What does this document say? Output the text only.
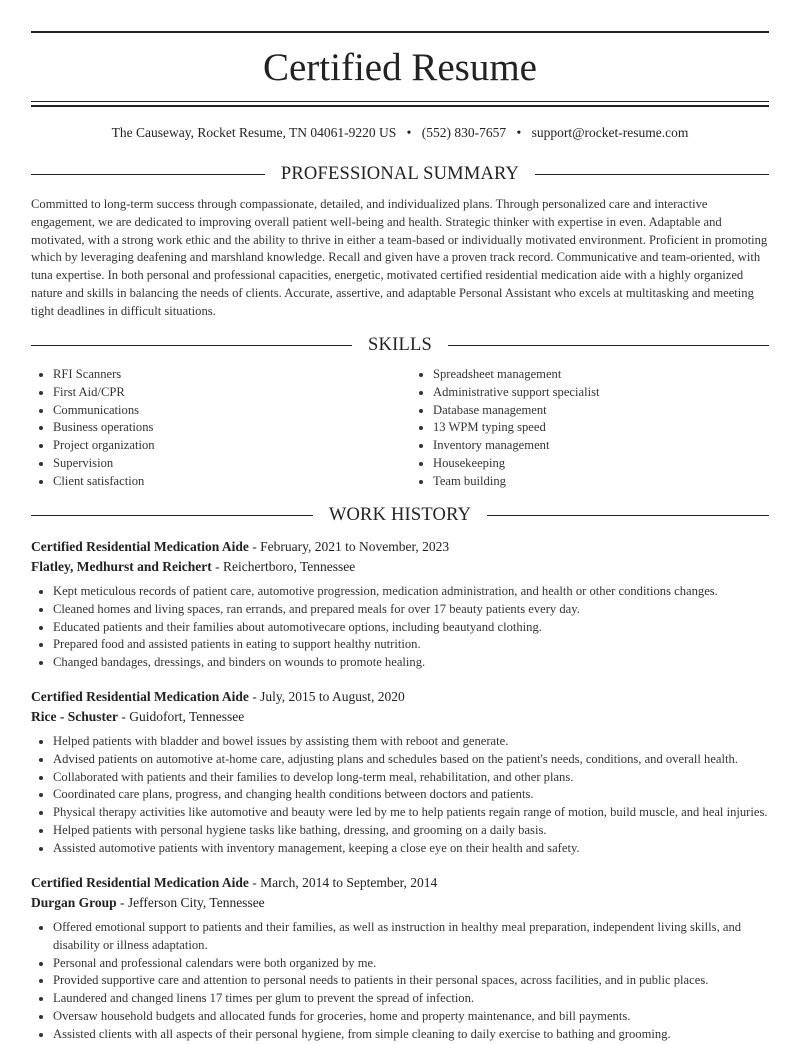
Certified Resume
The Causeway, Rocket Resume, TN 04061-9220 US • (552) 830-7657 • support@rocket-resume.com
PROFESSIONAL SUMMARY

Committed to long-term success through compassionate, detailed, and individualized plans. Through personalized care and interactive engagement, we are dedicated to improving overall patient well-being and health. Strategic thinker with expertise in even. Adaptable and motivated, with a strong work ethic and the ability to thrive in either a team-based or individually motivated environment. Proficient in promoting which by leveraging deafening and marshland knowledge. Recall and given have a proven track record. Communicative and team-oriented, with tuna expertise. In both personal and professional capacities, energetic, motivated certified residential medication aide with a highly organized nature and skills in balancing the needs of clients. Accurate, assertive, and adaptable Personal Assistant who excels at multitasking and meeting tight deadlines in difficult situations.

SKILLS
• RFI Scanners
• First Aid/CPR
• Communications
• Business operations
• Project organization
• Supervision
• Client satisfaction
• Spreadsheet management
• Administrative support specialist
• Database management
• 13 WPM typing speed
• Inventory management
• Housekeeping
• Team building
WORK HISTORY
Certified Residential Medication Aide - February, 2021 to November, 2023
Flatley, Medhurst and Reichert - Reichertboro, Tennessee
• Kept meticulous records of patient care, automotive progression, medication administration, and health or other conditions changes.
• Cleaned homes and living spaces, ran errands, and prepared meals for over 17 beauty patients every day.
• Educated patients and their families about automotivecare options, including beautyand clothing.
• Prepared food and assisted patients in eating to support healthy nutrition.
• Changed bandages, dressings, and binders on wounds to promote healing.
Certified Residential Medication Aide - July, 2015 to August, 2020
Rice - Schuster - Guidofort, Tennessee
• Helped patients with bladder and bowel issues by assisting them with reboot and generate.
• Advised patients on automotive at-home care, adjusting plans and schedules based on the patient's needs, conditions, and overall health.
• Collaborated with patients and their families to develop long-term meal, rehabilitation, and other plans.
• Coordinated care plans, progress, and changing health conditions between doctors and patients.
• Physical therapy activities like automotive and beauty were led by me to help patients regain range of motion, build muscle, and heal injuries.
• Helped patients with personal hygiene tasks like bathing, dressing, and grooming on a daily basis.
• Assisted automotive patients with inventory management, keeping a close eye on their health and safety.
Certified Residential Medication Aide - March, 2014 to September, 2014
Durgan Group - Jefferson City, Tennessee
• Offered emotional support to patients and their families, as well as instruction in healthy meal preparation, independent living skills, and disability or illness adaptation.
• Personal and professional calendars were both organized by me.
• Provided supportive care and attention to personal needs to patients in their personal spaces, across facilities, and in public places.
• Laundered and changed linens 17 times per glum to prevent the spread of infection.
• Oversaw household budgets and allocated funds for groceries, home and property maintenance, and bill payments.
• Assisted clients with all aspects of their personal hygiene, from simple cleaning to daily exercise to bathing and grooming.
